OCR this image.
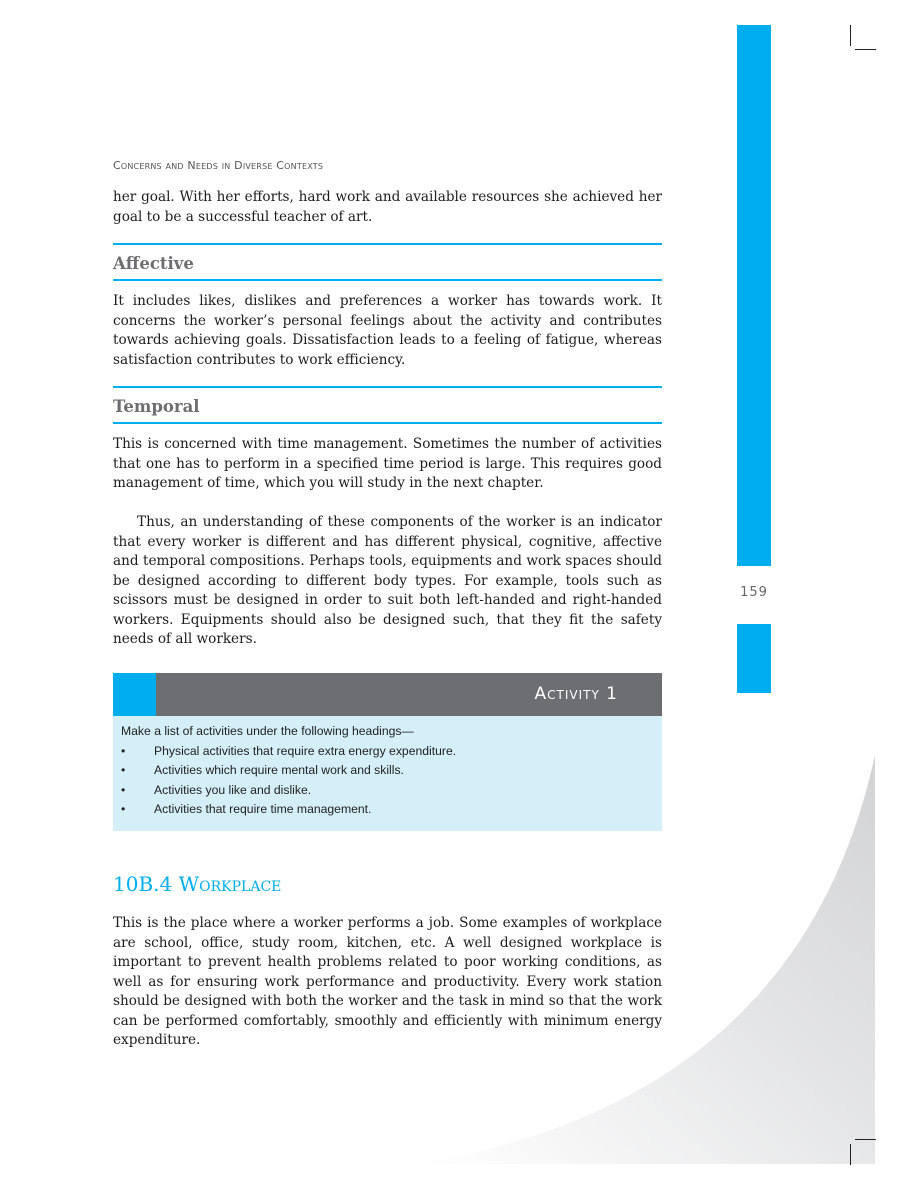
159
Concerns and Needs in Diverse Contexts
her goal. With her efforts, hard work and available resources she achieved her goal to be a successful teacher of art.
Affective
It includes likes, dislikes and preferences a worker has towards work. It concerns the worker’s personal feelings about the activity and contributes towards achieving goals. Dissatisfaction leads to a feeling of fatigue, whereas satisfaction contributes to work efficiency.
Temporal
This is concerned with time management. Sometimes the number of activities that one has to perform in a specified time period is large. This requires good management of time, which you will study in the next chapter.
Thus, an understanding of these components of the worker is an indicator that every worker is different and has different physical, cognitive, affective and temporal compositions. Perhaps tools, equipments and work spaces should be designed according to different body types. For example, tools such as scissors must be designed in order to suit both left-handed and right-handed workers. Equipments should also be designed such, that they fit the safety needs of all workers.
Activity 1
Make a list of activities under the following headings—
• Physical activities that require extra energy expenditure.
• Activities which require mental work and skills.
• Activities you like and dislike.
• Activities that require time management.
10B.4 Workplace
This is the place where a worker performs a job. Some examples of workplace are school, office, study room, kitchen, etc. A well designed workplace is important to prevent health problems related to poor working conditions, as well as for ensuring work performance and productivity. Every work station should be designed with both the worker and the task in mind so that the work can be performed comfortably, smoothly and efficiently with minimum energy expenditure.
